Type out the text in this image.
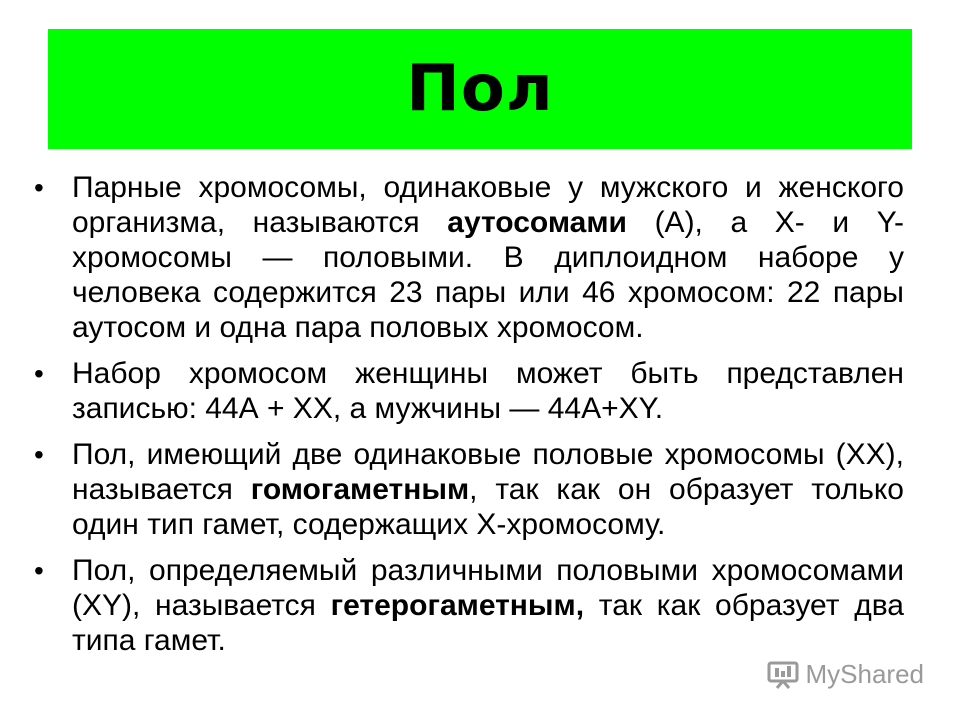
Пол
• Парные хромосомы, одинаковые у мужского и женского организма, называются аутосомами (А), а Х- и Y-хромосомы — половыми. В диплоидном наборе у человека содержится 23 пары или 46 хромосом: 22 пары аутосом и одна пара половых хромосом.
• Набор хромосом женщины может быть представлен записью: 44А + XX, а мужчины — 44А+XY.
• Пол, имеющий две одинаковые половые хромосомы (XX), называется гомогаметным, так как он образует только один тип гамет, содержащих Х-хромосому.
• Пол, определяемый различными половыми хромосомами (XY), называется гетерогаметным, так как образует два типа гамет.
MyShared
